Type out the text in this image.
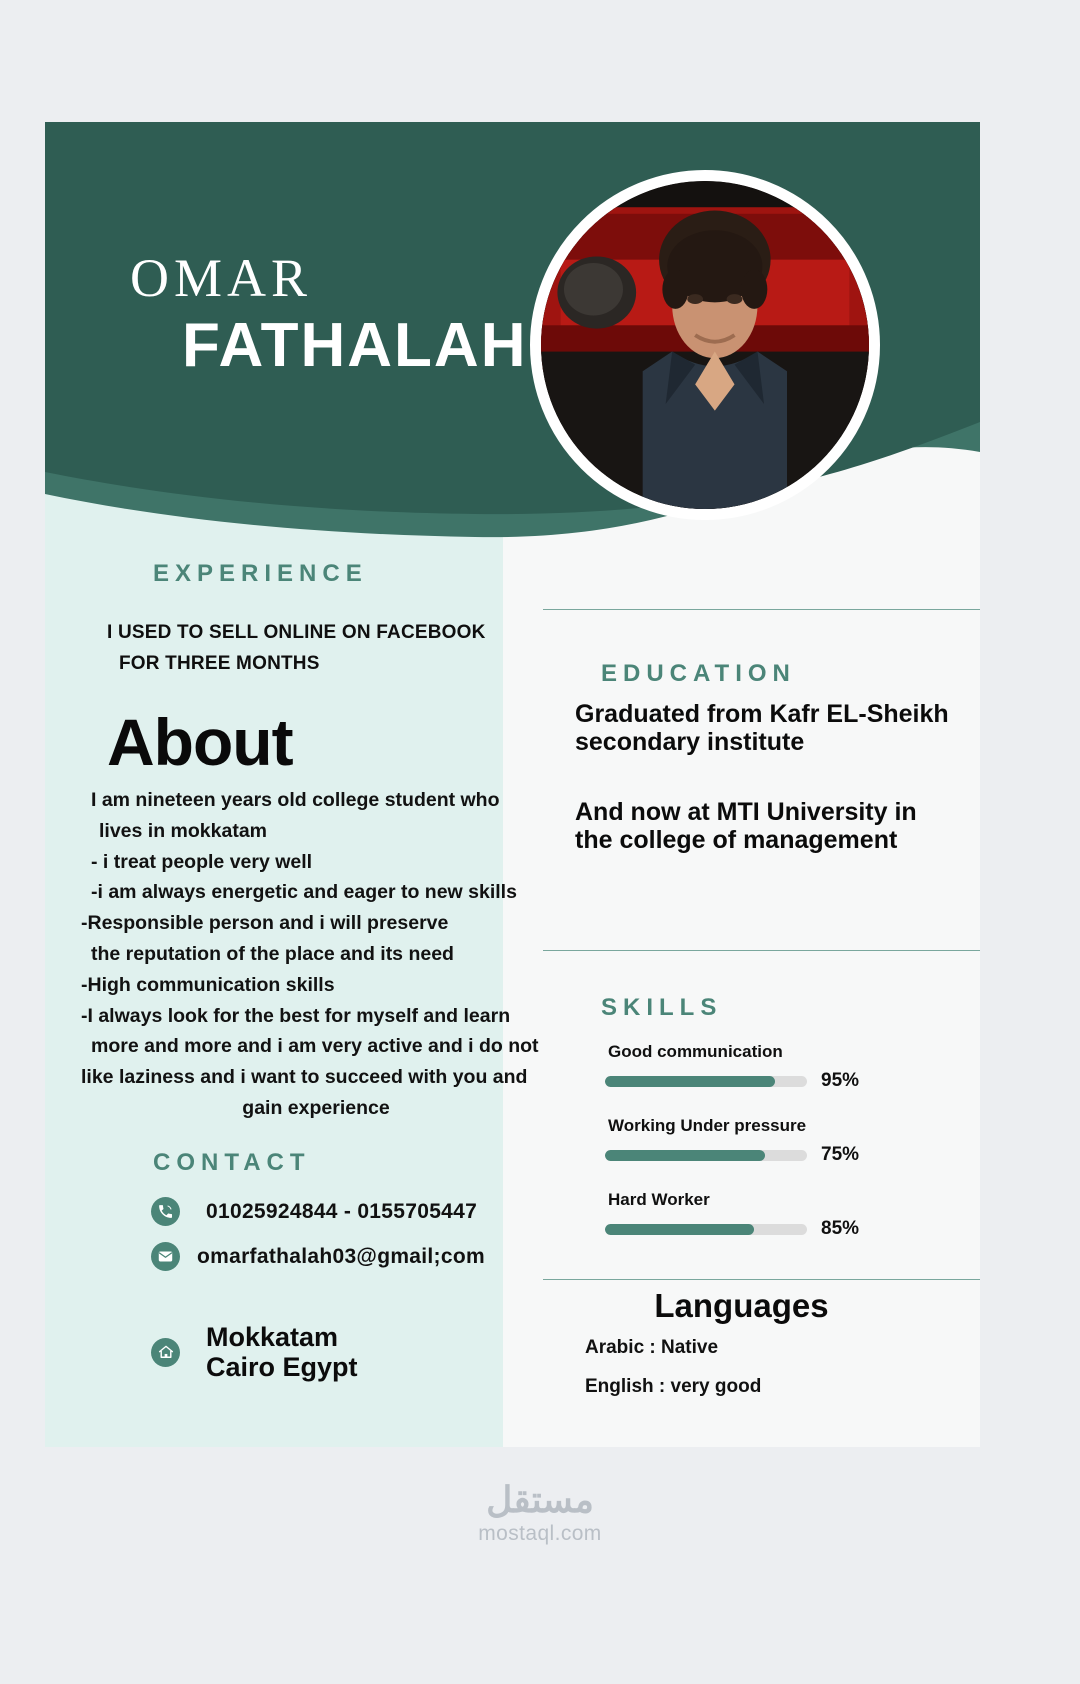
OMAR
FATHALAH
EXPERIENCE
I USED TO SELL ONLINE ON FACEBOOK
FOR THREE MONTHS
About
I am nineteen years old college student who
lives in mokkatam
- i treat people very well
-i am always energetic and eager to new skills
-Responsible person and i will preserve
the reputation of the place and its need
-High communication skills
-I always look for the best for myself and learn
more and more and i am very active and i do not
like laziness and i want to succeed with you and
gain experience
CONTACT
01025924844 - 0155705447
omarfathalah03@gmail;com
Mokkatam
Cairo Egypt
EDUCATION
Graduated from Kafr EL-Sheikh
secondary institute
And now at MTI University in
the college of management
SKILLS
Good communication
95%
Working Under pressure
75%
Hard Worker
85%
Languages
Arabic : Native
English : very good
مستقل
mostaql.com
